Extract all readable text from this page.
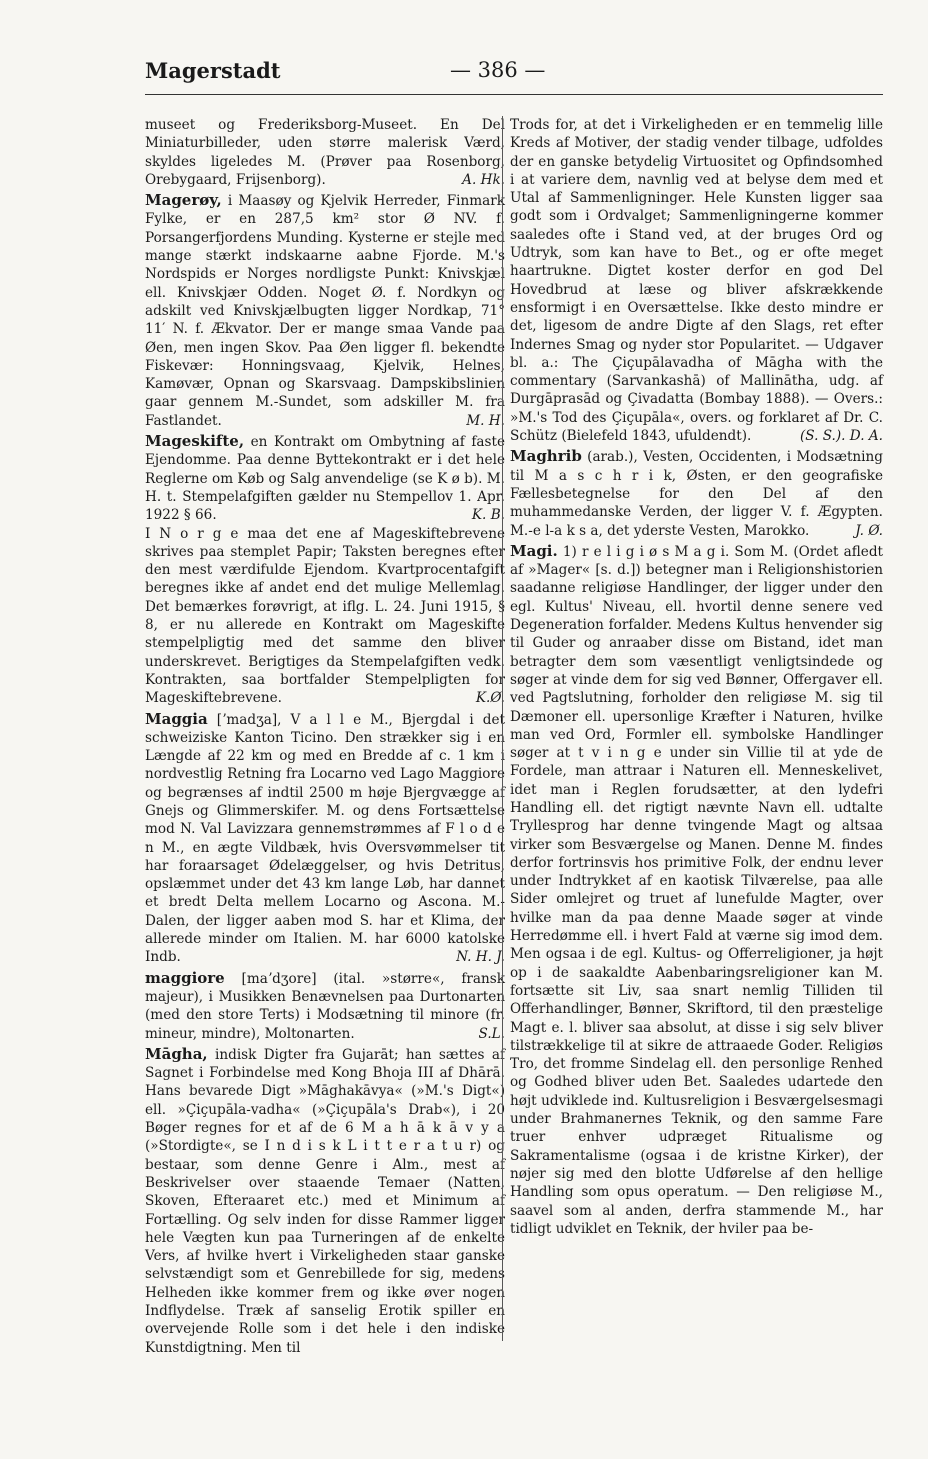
Magerstadt	— 386 —

museet og Frederiksborg-Museet. En Del Miniaturbilleder, uden større malerisk Værd, skyldes ligeledes M. (Prøver paa Rosenborg, Orebygaard, Frijsenborg).	A. Hk.

Magerøy, i Maasøy og Kjelvik Herreder, Finmark Fylke, er en 287,5 km² stor Ø NV. f. Porsangerfjordens Munding. Kysterne er stejle med mange stærkt indskaarne aabne Fjorde. M.'s Nordspids er Norges nordligste Punkt: Knivskjæl ell. Knivskjær Odden. Noget Ø. f. Nordkyn og adskilt ved Knivskjælbugten ligger Nordkap, 71° 11′ N. f. Ækvator. Der er mange smaa Vande paa Øen, men ingen Skov. Paa Øen ligger fl. bekendte Fiskevær: Honningsvaag, Kjelvik, Helnes, Kamøvær, Opnan og Skarsvaag. Dampskibslinien gaar gennem M.-Sundet, som adskiller M. fra Fastlandet.	M. H.

Mageskifte, en Kontrakt om Ombytning af faste Ejendomme. Paa denne Byttekontrakt er i det hele Reglerne om Køb og Salg anvendelige (se K ø b). M. H. t. Stempelafgiften gælder nu Stempellov 1. Apr. 1922 § 66.	K. B.

I N o r g e maa det ene af Mageskiftebrevene skrives paa stemplet Papir; Taksten beregnes efter den mest værdifulde Ejendom. Kvartprocentafgift beregnes ikke af andet end det mulige Mellemlag. Det bemærkes forøvrigt, at iflg. L. 24. Juni 1915, § 8, er nu allerede en Kontrakt om Mageskifte stempelpligtig med det samme den bliver underskrevet. Berigtiges da Stempelafgiften vedk. Kontrakten, saa bortfalder Stempelpligten for Mageskiftebrevene.	K.Ø.

Maggia [ʼmadʒa], V a l l e M., Bjergdal i det schweiziske Kanton Ticino. Den strækker sig i en Længde af 22 km og med en Bredde af c. 1 km i nordvestlig Retning fra Locarno ved Lago Maggiore og begrænses af indtil 2500 m høje Bjergvægge af Gnejs og Glimmerskifer. M. og dens Fortsættelse mod N. Val Lavizzara gennemstrømmes af F l o d e n M., en ægte Vildbæk, hvis Oversvømmelser tit har foraarsaget Ødelæggelser, og hvis Detritus, opslæmmet under det 43 km lange Løb, har dannet et bredt Delta mellem Locarno og Ascona. M.-Dalen, der ligger aaben mod S. har et Klima, der allerede minder om Italien. M. har 6000 katolske Indb.	N. H. J.

maggiore [maʼdʒore] (ital. »større«, fransk majeur), i Musikken Benævnelsen paa Durtonarten (med den store Terts) i Modsætning til minore (fr. mineur, mindre), Moltonarten.	S.L.

Māgha, indisk Digter fra Gujarāt; han sættes af Sagnet i Forbindelse med Kong Bhoja III af Dhārā. Hans bevarede Digt »Māghakāvya« (»M.'s Digt«) ell. »Çiçupāla-vadha« (»Çiçupāla's Drab«), i 20 Bøger regnes for et af de 6 M a h ā k ā v y a (»Stordigte«, se I n d i s k L i t t e r a t u r) og bestaar, som denne Genre i Alm., mest af Beskrivelser over staaende Temaer (Natten, Skoven, Efteraaret etc.) med et Minimum af Fortælling. Og selv inden for disse Rammer ligger hele Vægten kun paa Turneringen af de enkelte Vers, af hvilke hvert i Virkeligheden staar ganske selvstændigt som et Genrebillede for sig, medens Helheden ikke kommer frem og ikke øver nogen Indflydelse. Træk af sanselig Erotik spiller en overvejende Rolle som i det hele i den indiske Kunstdigtning. Men til

Trods for, at det i Virkeligheden er en temmelig lille Kreds af Motiver, der stadig vender tilbage, udfoldes der en ganske betydelig Virtuositet og Opfindsomhed i at variere dem, navnlig ved at belyse dem med et Utal af Sammenligninger. Hele Kunsten ligger saa godt som i Ordvalget; Sammenligningerne kommer saaledes ofte i Stand ved, at der bruges Ord og Udtryk, som kan have to Bet., og er ofte meget haartrukne. Digtet koster derfor en god Del Hovedbrud at læse og bliver afskrækkende ensformigt i en Oversættelse. Ikke desto mindre er det, ligesom de andre Digte af den Slags, ret efter Indernes Smag og nyder stor Popularitet. — Udgaver bl. a.: The Çiçupālavadha of Māgha with the commentary (Sarvankashā) of Mallināthа, udg. af Durgāprasād og Çivadatta (Bombay 1888). — Overs.: »M.'s Tod des Çiçupāla«, overs. og forklaret af Dr. C. Schütz (Bielefeld 1843, ufuldendt).	(S. S.). D. A.

Maghrib (arab.), Vesten, Occidenten, i Modsætning til M a s c h r i k, Østen, er den geografiske Fællesbetegnelse for den Del af den muhammedanske Verden, der ligger V. f. Ægypten. M.-e l-a k s a, det yderste Vesten, Marokko.	J. Ø.

Magi. 1) r e l i g i ø s M a g i. Som M. (Ordet afledt af »Mager« [s. d.]) betegner man i Religionshistorien saadanne religiøse Handlinger, der ligger under den egl. Kultus' Niveau, ell. hvortil denne senere ved Degeneration forfalder. Medens Kultus henvender sig til Guder og anraaber disse om Bistand, idet man betragter dem som væsentligt venligtsindede og søger at vinde dem for sig ved Bønner, Offergaver ell. ved Pagtslutning, forholder den religiøse M. sig til Dæmoner ell. upersonlige Kræfter i Naturen, hvilke man ved Ord, Formler ell. symbolske Handlinger søger at t v i n g e under sin Villie til at yde de Fordele, man attraar i Naturen ell. Menneskelivet, idet man i Reglen forudsætter, at den lydefri Handling ell. det rigtigt nævnte Navn ell. udtalte Tryllesprog har denne tvingende Magt og altsaa virker som Besværgelse og Manen. Denne M. findes derfor fortrinsvis hos primitive Folk, der endnu lever under Indtrykket af en kaotisk Tilværelse, paa alle Sider omlejret og truet af lunefulde Magter, over hvilke man da paa denne Maade søger at vinde Herredømme ell. i hvert Fald at værne sig imod dem. Men ogsaa i de egl. Kultus- og Offerreligioner, ja højt op i de saakaldte Aabenbaringsreligioner kan M. fortsætte sit Liv, saa snart nemlig Tilliden til Offerhandlinger, Bønner, Skriftord, til den præstelige Magt e. l. bliver saa absolut, at disse i sig selv bliver tilstrækkelige til at sikre de attraaede Goder. Religiøs Tro, det fromme Sindelag ell. den personlige Renhed og Godhed bliver uden Bet. Saaledes udartede den højt udviklede ind. Kultusreligion i Besværgelsesmagi under Brahmanernes Teknik, og den samme Fare truer enhver udpræget Ritualisme og Sakramentalisme (ogsaa i de kristne Kirker), der nøjer sig med den blotte Udførelse af den hellige Handling som opus operatum. — Den religiøse M., saavel som al anden, derfra stammende M., har tidligt udviklet en Teknik, der hviler paa be-
